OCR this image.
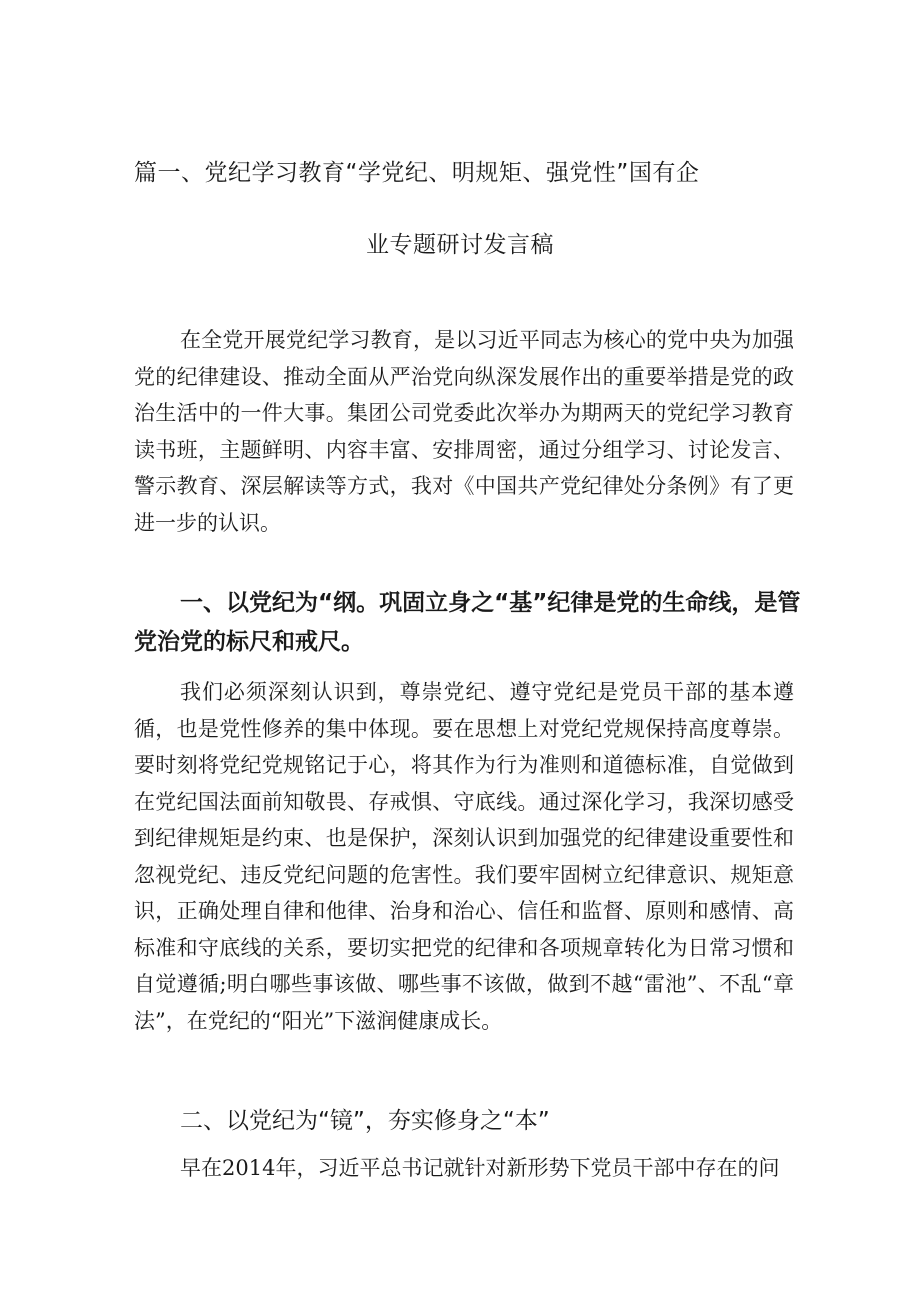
篇一、党纪学习教育“学党纪、明规矩、强党性”国有企
业专题研讨发言稿

在全党开展党纪学习教育，是以习近平同志为核心的党中央为加强党的纪律建设、推动全面从严治党向纵深发展作出的重要举措是党的政治生活中的一件大事。集团公司党委此次举办为期两天的党纪学习教育读书班，主题鲜明、内容丰富、安排周密，通过分组学习、讨论发言、警示教育、深层解读等方式，我对《中国共产党纪律处分条例》有了更进一步的认识。

一、以党纪为“纲。巩固立身之“基”纪律是党的生命线，是管党治党的标尺和戒尺。

我们必须深刻认识到，尊崇党纪、遵守党纪是党员干部的基本遵循，也是党性修养的集中体现。要在思想上对党纪党规保持高度尊崇。要时刻将党纪党规铭记于心，将其作为行为准则和道德标准，自觉做到在党纪国法面前知敬畏、存戒惧、守底线。通过深化学习，我深切感受到纪律规矩是约束、也是保护，深刻认识到加强党的纪律建设重要性和忽视党纪、违反党纪问题的危害性。我们要牢固树立纪律意识、规矩意识，正确处理自律和他律、治身和治心、信任和监督、原则和感情、高标准和守底线的关系，要切实把党的纪律和各项规章转化为日常习惯和自觉遵循;明白哪些事该做、哪些事不该做，做到不越“雷池”、不乱“章法”，在党纪的“阳光”下滋润健康成长。

二、以党纪为“镜”，夯实修身之“本”

早在2014年，习近平总书记就针对新形势下党员干部中存在的问
